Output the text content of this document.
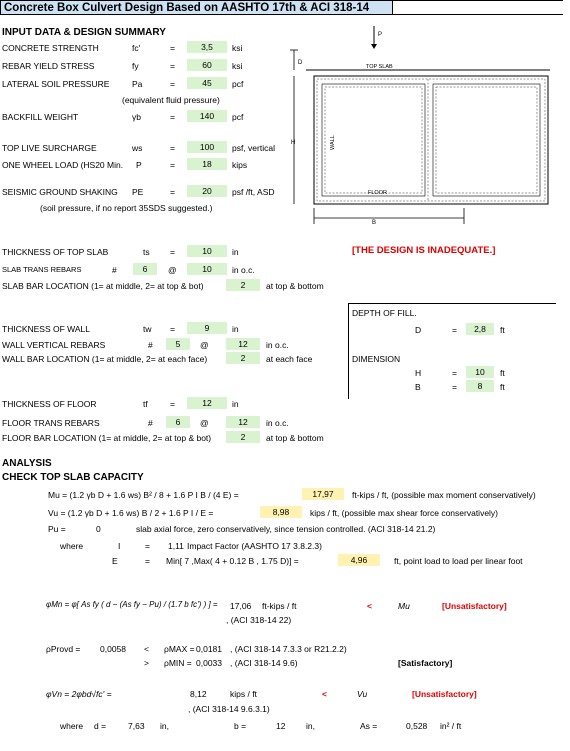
Concrete Box Culvert Design Based on AASHTO 17th & ACI 318-14
INPUT DATA & DESIGN SUMMARY
CONCRETE STRENGTH	fc'	=	3,5	ksi
REBAR YIELD STRESS	fy	=	60	ksi
LATERAL SOIL PRESSURE	Pa	=	45	pcf
(equivalent fluid pressure)
BACKFILL WEIGHT	γb	=	140	pcf
TOP LIVE SURCHARGE	ws	=	100	psf, vertical
ONE WHEEL LOAD (HS20 Min. P	=	18	kips
SEISMIC GROUND SHAKING PE	=	20	psf /ft, ASD
(soil pressure, if no report 35SDS suggested.)
P
D
TOP SLAB
FLOOR
WALL
H
B
[THE DESIGN IS INADEQUATE.]
THICKNESS OF TOP SLAB	ts =	10	in
SLAB TRANS REBARS	#	6	@	10	in o.c.
SLAB BAR LOCATION (1= at middle, 2= at top & bot)	2	at top & bottom
DEPTH OF FILL.
D	=	2,8	ft
DIMENSION
H	=	10	ft
B	=	8	ft
THICKNESS OF WALL	tw =	9	in
WALL VERTICAL REBARS	#	5	@	12	in o.c.
WALL BAR LOCATION (1= at middle, 2= at each face)	2	at each face
THICKNESS OF FLOOR	tf	=	12	in
FLOOR TRANS REBARS	#	6	@	12	in o.c.
FLOOR BAR LOCATION (1= at middle, 2= at top & bot)	2	at top & bottom
ANALYSIS
CHECK TOP SLAB CAPACITY
Mu = (1.2 γb D + 1.6 ws) B² / 8 + 1.6 P I B / (4 E) =	17,97	ft-kips / ft, (possible max moment conservatively)
Vu = (1.2 γb D + 1.6 ws) B / 2 + 1.6 P I / E =	8,98	kips / ft, (possible max shear force conservatively)
Pu =	0	slab axial force, zero conservatively, since tension controlled. (ACI 318-14 21.2)
where	I	= 1,11 Impact Factor (AASHTO 17 3.8.2.3)
E	= Min[ 7 ,Max( 4 + 0.12 B , 1.75 D)] =	4,96	ft, point load to load per linear foot
φMn = φ[ As fy ( d − (As fy − Pu) / (1.7 b fc') ) ] = 17,06 ft-kips / ft
, (ACI 318-14 22)
<	Mu	[Unsatisfactory]
ρProvd = 0,0058 < ρMAX = 0,0181 , (ACI 318-14 7.3.3 or R21.2.2)
> ρMIN = 0,0033 , (ACI 318-14 9.6)	[Satisfactory]
φVn = 2φbd√fc' =	8,12	kips / ft
, (ACI 318-14 9.6.3.1)
<	Vu	[Unsatisfactory]
where d =	7,63 in,	b =	12 in,	As =	0,528 in² / ft
